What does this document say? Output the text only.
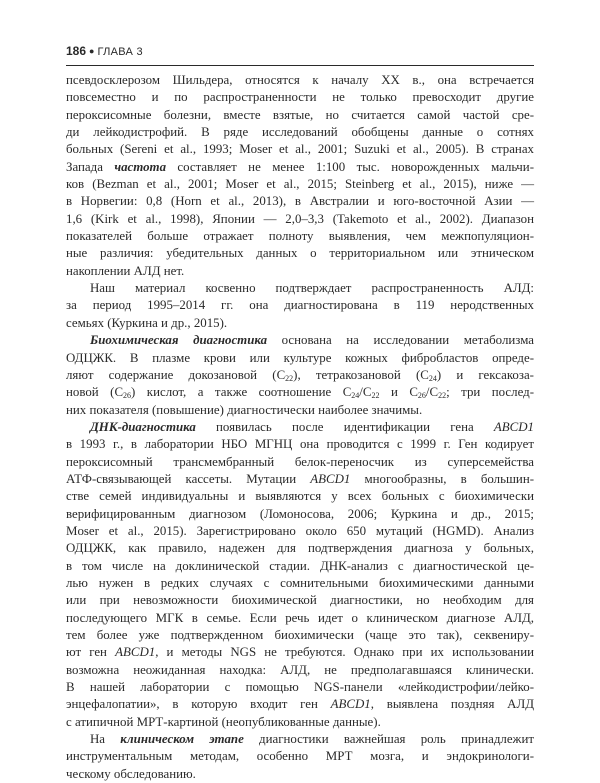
186 ● ГЛАВА 3

псевдосклерозом Шильдера, относятся к началу XX в., она встречается

повсеместно и по распространенности не только превосходит другие

пероксисомные болезни, вместе взятые, но считается самой частой сре-

ди лейкодистрофий. В ряде исследований обобщены данные о сотнях

больных (Sereni et al., 1993; Moser et al., 2001; Suzuki et al., 2005). В странах

Запада частота составляет не менее 1:100 тыс. новорожденных мальчи-

ков (Bezman et al., 2001; Moser et al., 2015; Steinberg et al., 2015), ниже —

в Норвегии: 0,8 (Horn et al., 2013), в Австралии и юго-восточной Азии —

1,6 (Kirk et al., 1998), Японии — 2,0–3,3 (Takemoto et al., 2002). Диапазон

показателей больше отражает полноту выявления, чем межпопуляцион-

ные различия: убедительных данных о территориальном или этническом

накоплении АЛД нет.

Наш материал косвенно подтверждает распространенность АЛД:

за период 1995–2014 гг. она диагностирована в 119 неродственных

семьях (Куркина и др., 2015).

Биохимическая диагностика основана на исследовании метаболизма

ОДЦЖК. В плазме крови или культуре кожных фибробластов опреде-

ляют содержание докозановой $(С_{22})$, тетракозановой $(С_{24})$ и гексакоза-

новой $(С_{26})$ кислот, а также соотношение $С_{24}/С_{22}$ и $С_{26}/С_{22}$; три послед-

них показателя (повышение) диагностически наиболее значимы.

ДНК-диагностика появилась после идентификации гена ABCD1

в 1993 г., в лаборатории НБО МГНЦ она проводится с 1999 г. Ген кодирует

пероксисомный трансмембранный белок-переносчик из суперсемейства

АТФ-связывающей кассеты. Мутации ABCD1 многообразны, в большин-

стве семей индивидуальны и выявляются у всех больных с биохимически

верифицированным диагнозом (Ломоносова, 2006; Куркина и др., 2015;

Moser et al., 2015). Зарегистрировано около 650 мутаций (HGMD). Анализ

ОДЦЖК, как правило, надежен для подтверждения диагноза у больных,

в том числе на доклинической стадии. ДНК-анализ с диагностической це-

лью нужен в редких случаях с сомнительными биохимическими данными

или при невозможности биохимической диагностики, но необходим для

последующего МГК в семье. Если речь идет о клиническом диагнозе АЛД,

тем более уже подтвержденном биохимически (чаще это так), секвениру-

ют ген ABCD1, и методы NGS не требуются. Однако при их использовании

возможна неожиданная находка: АЛД, не предполагавшаяся клинически.

В нашей лаборатории с помощью NGS-панели «лейкодистрофии/лейко-

энцефалопатии», в которую входит ген ABCD1, выявлена поздняя АЛД

с атипичной МРТ-картиной (неопубликованные данные).

На клиническом этапе диагностики важнейшая роль принадлежит

инструментальным методам, особенно МРТ мозга, и эндокринологи-

ческому обследованию.
